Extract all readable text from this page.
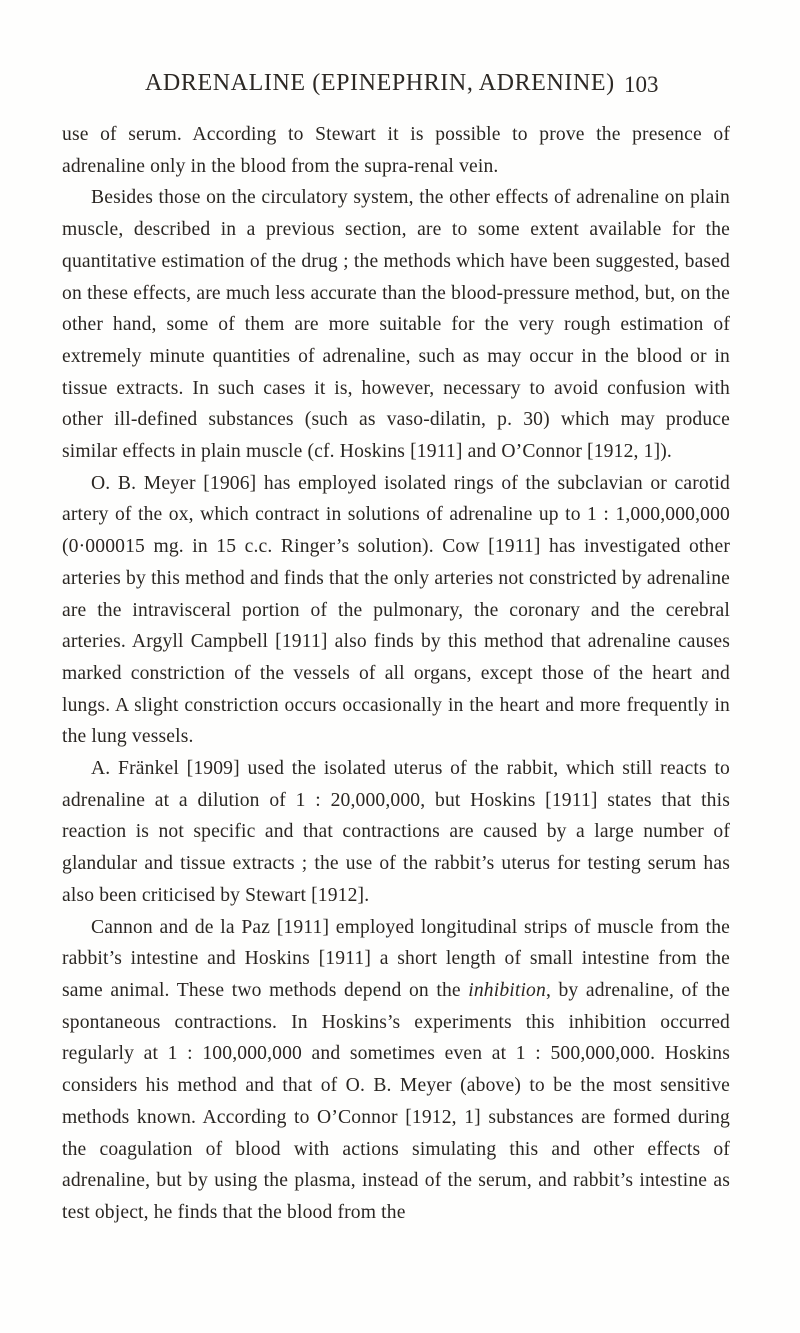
ADRENALINE (EPINEPHRIN, ADRENINE) 103

use of serum. According to Stewart it is possible to prove the presence of adrenaline only in the blood from the supra-renal vein.

Besides those on the circulatory system, the other effects of adrenaline on plain muscle, described in a previous section, are to some extent available for the quantitative estimation of the drug ; the methods which have been suggested, based on these effects, are much less accurate than the blood-pressure method, but, on the other hand, some of them are more suitable for the very rough estimation of extremely minute quantities of adrenaline, such as may occur in the blood or in tissue extracts. In such cases it is, however, necessary to avoid confusion with other ill-defined substances (such as vaso-dilatin, p. 30) which may produce similar effects in plain muscle (cf. Hoskins [1911] and O’Connor [1912, 1]).

O. B. Meyer [1906] has employed isolated rings of the subclavian or carotid artery of the ox, which contract in solutions of adrenaline up to 1 : 1,000,000,000 (0·000015 mg. in 15 c.c. Ringer’s solution). Cow [1911] has investigated other arteries by this method and finds that the only arteries not constricted by adrenaline are the intravisceral portion of the pulmonary, the coronary and the cerebral arteries. Argyll Campbell [1911] also finds by this method that adrenaline causes marked constriction of the vessels of all organs, except those of the heart and lungs. A slight constriction occurs occasionally in the heart and more frequently in the lung vessels.

A. Fränkel [1909] used the isolated uterus of the rabbit, which still reacts to adrenaline at a dilution of 1 : 20,000,000, but Hoskins [1911] states that this reaction is not specific and that contractions are caused by a large number of glandular and tissue extracts ; the use of the rabbit’s uterus for testing serum has also been criticised by Stewart [1912].

Cannon and de la Paz [1911] employed longitudinal strips of muscle from the rabbit’s intestine and Hoskins [1911] a short length of small intestine from the same animal. These two methods depend on the inhibition, by adrenaline, of the spontaneous contractions. In Hoskins’s experiments this inhibition occurred regularly at 1 : 100,000,000 and sometimes even at 1 : 500,000,000. Hoskins considers his method and that of O. B. Meyer (above) to be the most sensitive methods known. According to O’Connor [1912, 1] substances are formed during the coagulation of blood with actions simulating this and other effects of adrenaline, but by using the plasma, instead of the serum, and rabbit’s intestine as test object, he finds that the blood from the
